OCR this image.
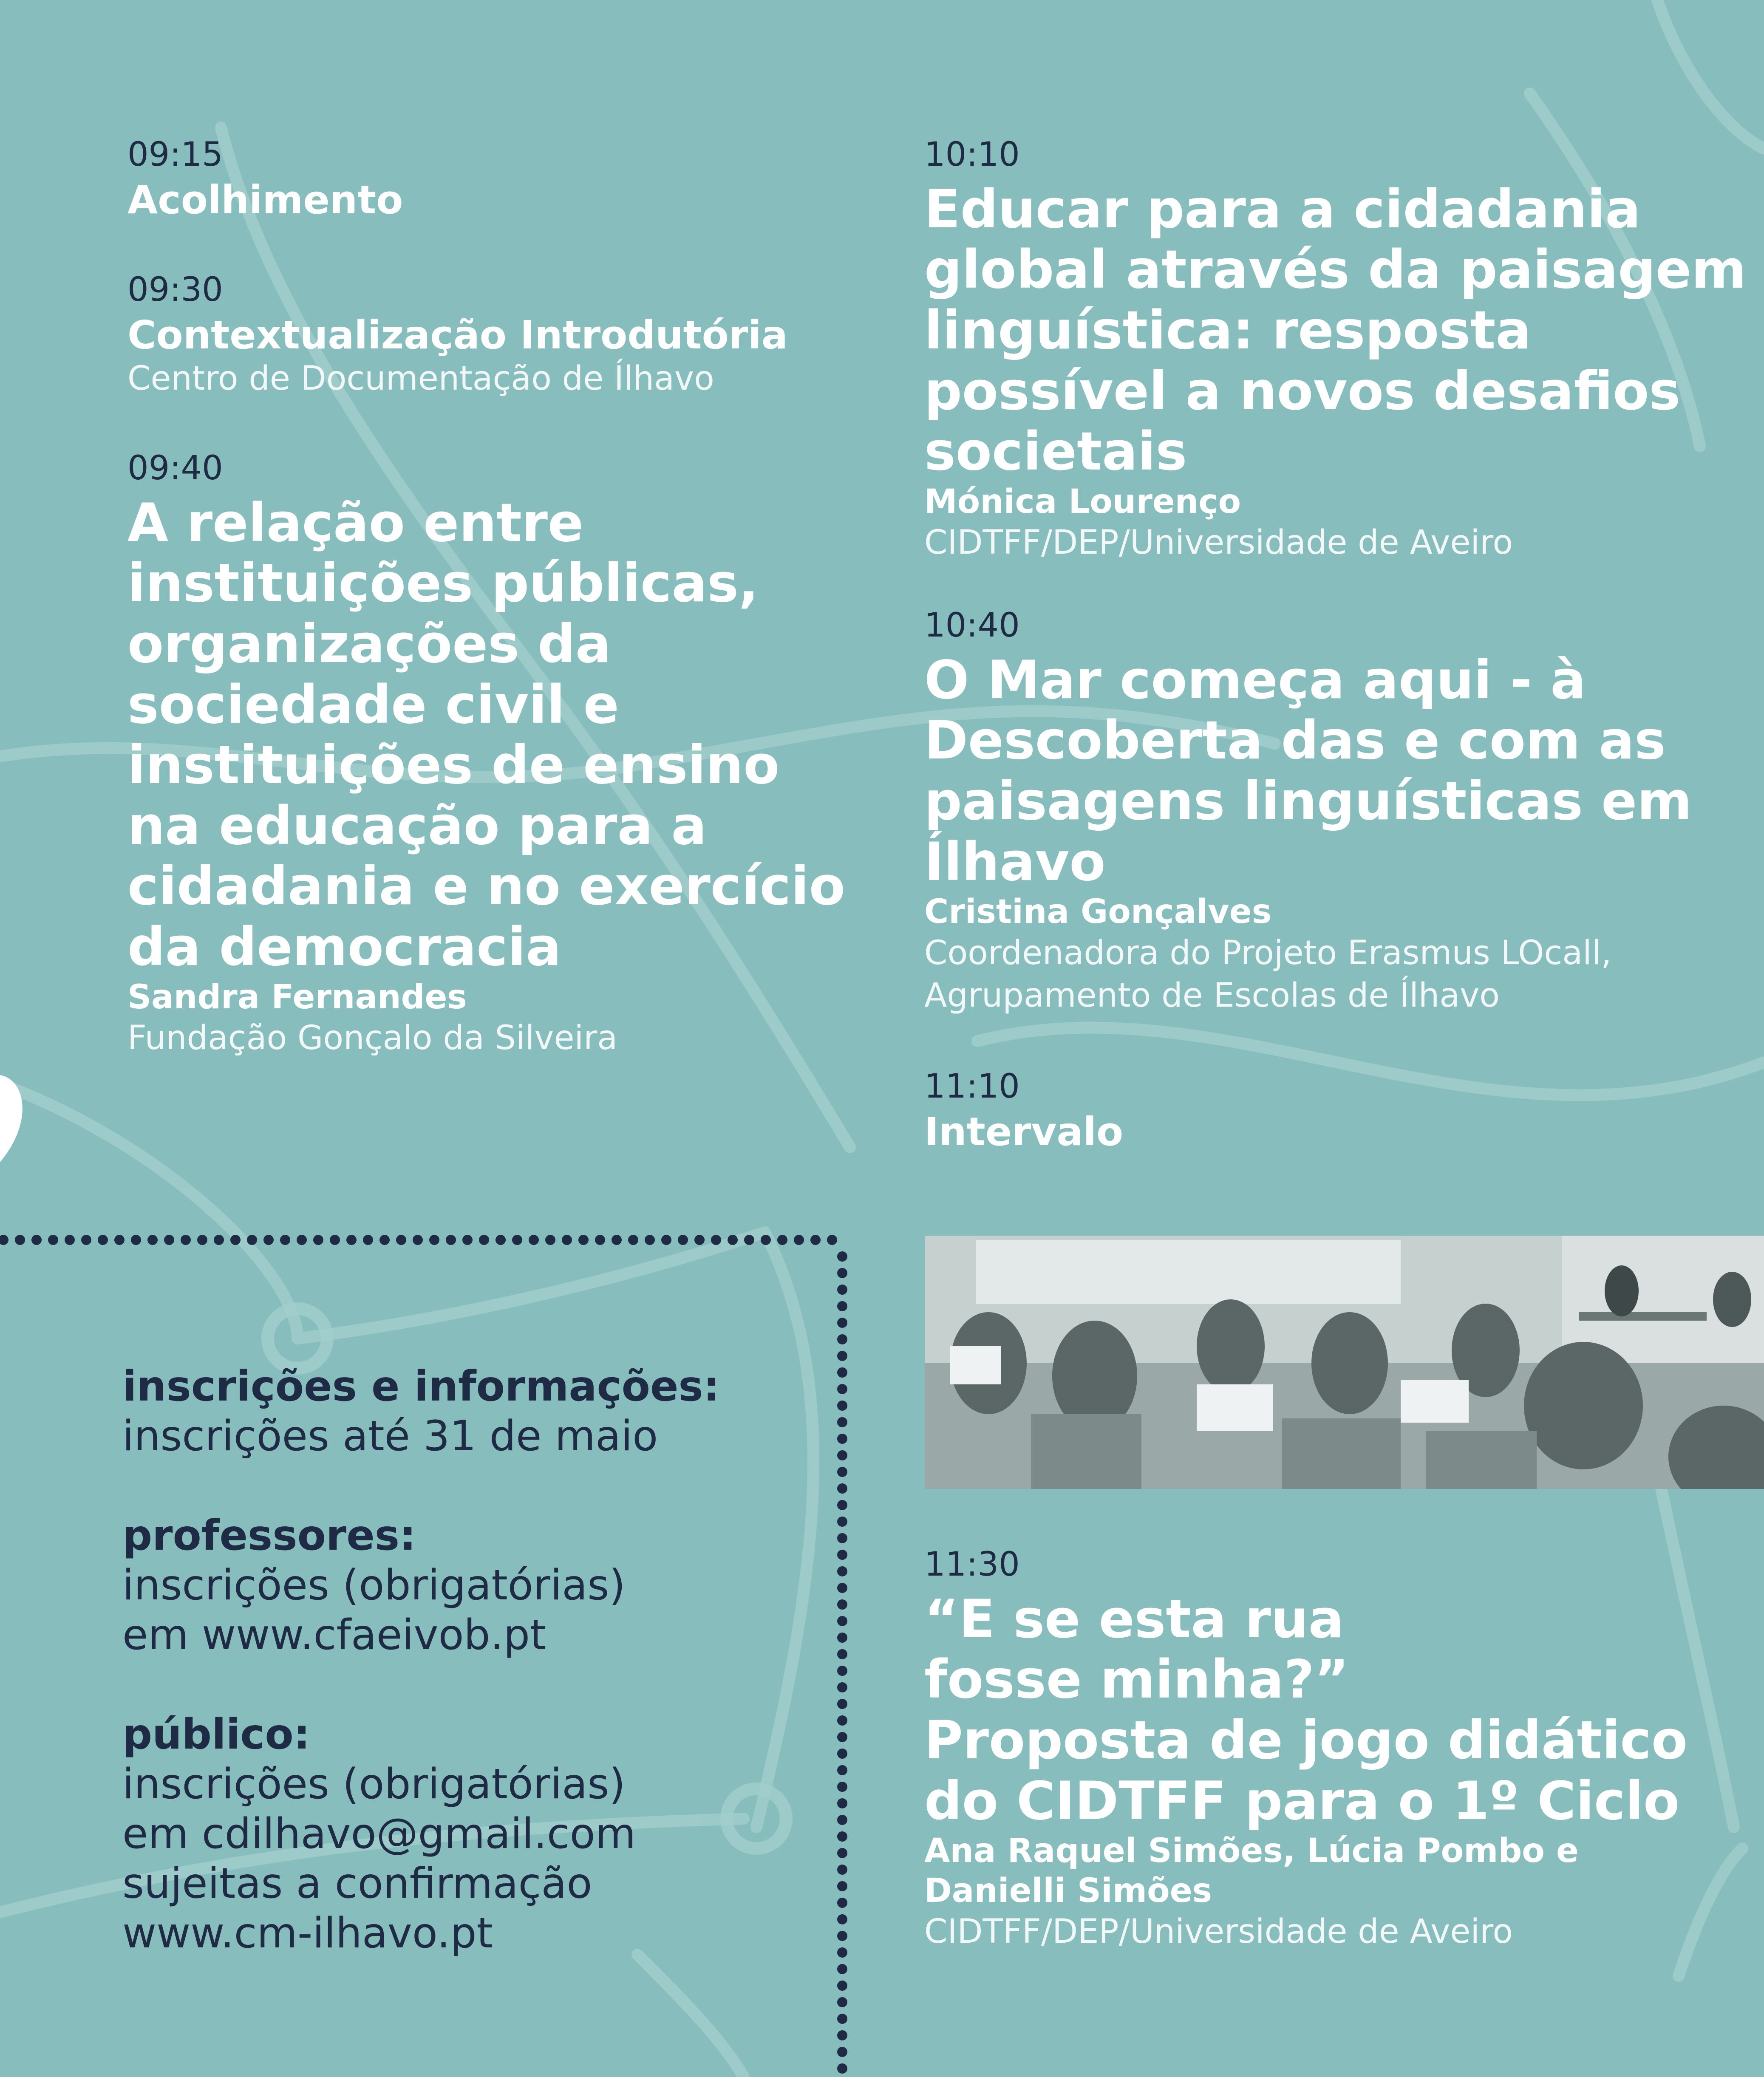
09:15
Acolhimento
09:30
Contextualização Introdutória
Centro de Documentação de Ílhavo
09:40
A relação entre
instituições públicas,
organizações da
sociedade civil e
instituições de ensino
na educação para a
cidadania e no exercício
da democracia
Sandra Fernandes
Fundação Gonçalo da Silveira
10:10
Educar para a cidadania
global através da paisagem
linguística: resposta
possível a novos desafios
societais
Mónica Lourenço
CIDTFF/DEP/Universidade de Aveiro
10:40
O Mar começa aqui - à
Descoberta das e com as
paisagens linguísticas em
Ílhavo
Cristina Gonçalves
Coordenadora do Projeto Erasmus LOcall,
Agrupamento de Escolas de Ílhavo
11:10
Intervalo
11:30
“E se esta rua
fosse minha?”
Proposta de jogo didático
do CIDTFF para o 1º Ciclo
Ana Raquel Simões, Lúcia Pombo e
Danielli Simões
CIDTFF/DEP/Universidade de Aveiro
inscrições e informações:
inscrições até 31 de maio
professores:
inscrições (obrigatórias)
em www.cfaeivob.pt
público:
inscrições (obrigatórias)
em cdilhavo@gmail.com
sujeitas a confirmação
www.cm-ilhavo.pt
